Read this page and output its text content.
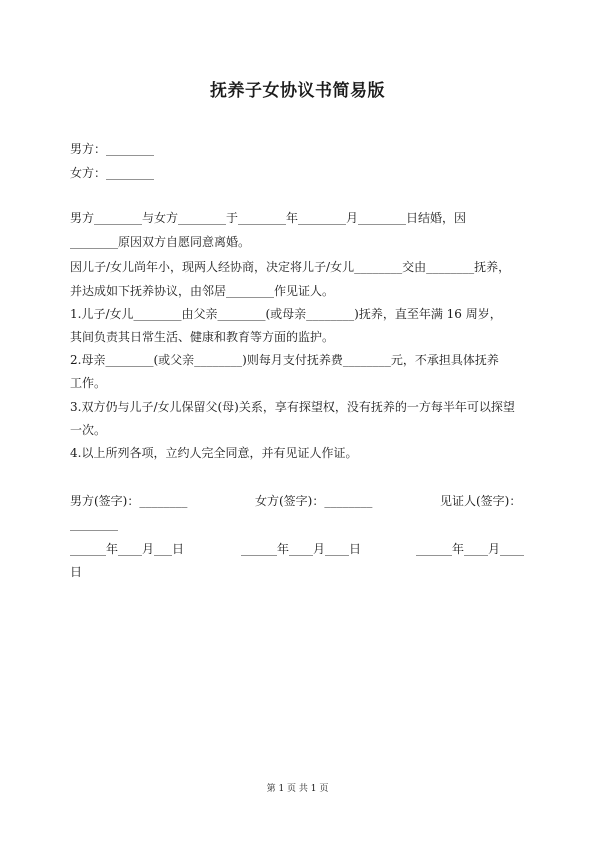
抚养子女协议书简易版
男方：________
女方：________
男方________与女方________于________年________月________日结婚，因
________原因双方自愿同意离婚。
因儿子/女儿尚年小，现两人经协商，决定将儿子/女儿________交由________抚养，
并达成如下抚养协议，由邻居________作见证人。
1.儿子/女儿________由父亲________(或母亲________)抚养，直至年满 16 周岁，
其间负责其日常生活、健康和教育等方面的监护。
2.母亲________(或父亲________)则每月支付抚养费________元，不承担具体抚养
工作。
3.双方仍与儿子/女儿保留父(母)关系，享有探望权，没有抚养的一方每半年可以探望
一次。
4.以上所列各项，立约人完全同意，并有见证人作证。
男方(签字)：________	女方(签字)：________	见证人(签字)：
________
______年____月___日	______年____月____日	______年____月____
日
第 1 页 共 1 页
